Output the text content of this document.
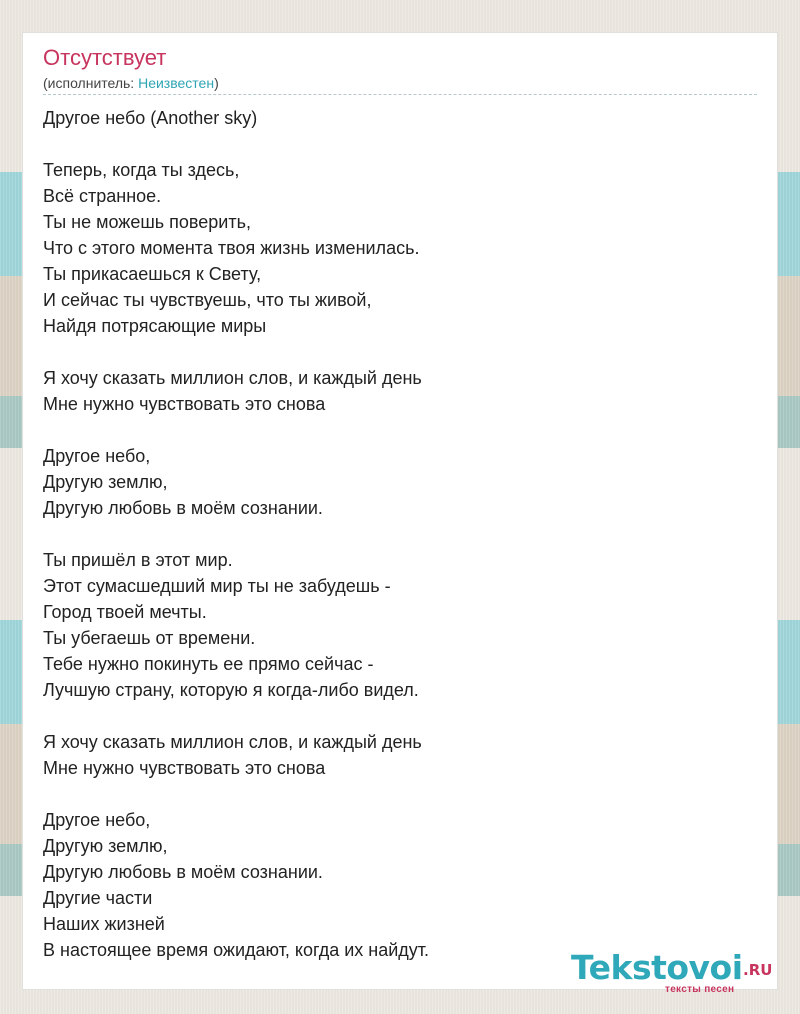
Отсутствует
(исполнитель: Неизвестен)
Другое небо (Another sky)
Теперь, когда ты здесь,
Всё странное.
Ты не можешь поверить,
Что с этого момента твоя жизнь изменилась.
Ты прикасаешься к Свету,
И сейчас ты чувствуешь, что ты живой,
Найдя потрясающие миры
Я хочу сказать миллион слов, и каждый день
Мне нужно чувствовать это снова
Другое небо,
Другую землю,
Другую любовь в моём сознании.
Ты пришёл в этот мир.
Этот сумасшедший мир ты не забудешь -
Город твоей мечты.
Ты убегаешь от времени.
Тебе нужно покинуть ее прямо сейчас -
Лучшую страну, которую я когда-либо видел.
Я хочу сказать миллион слов, и каждый день
Мне нужно чувствовать это снова
Другое небо,
Другую землю,
Другую любовь в моём сознании.
Другие части
Наших жизней
В настоящее время ожидают, когда их найдут.	Tekstovoi .RU
тексты песен
